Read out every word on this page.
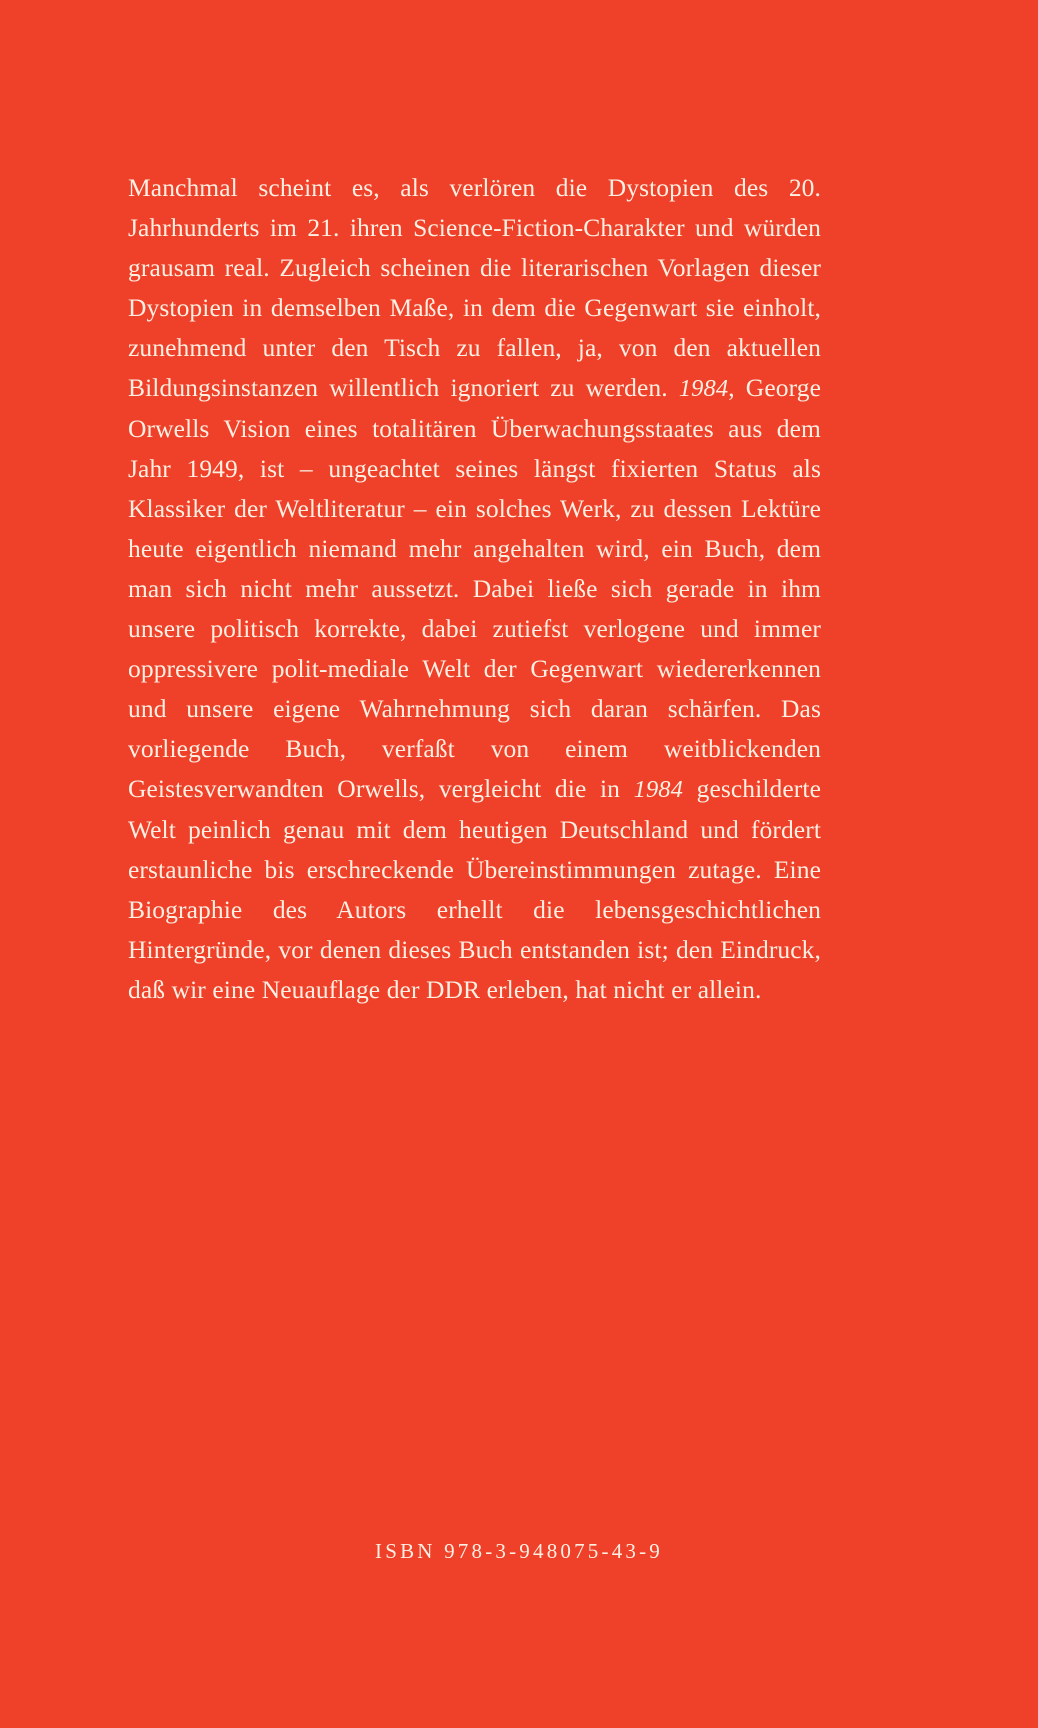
Manchmal scheint es, als verlören die Dystopien des 20. Jahrhunderts im 21. ihren Science-Fiction-Charakter und würden grausam real. Zugleich scheinen die literarischen Vorlagen dieser Dystopien in demselben Maße, in dem die Gegenwart sie einholt, zunehmend unter den Tisch zu fallen, ja, von den aktuellen Bildungsinstanzen willentlich ignoriert zu werden. 1984, George Orwells Vision eines totalitären Überwachungsstaates aus dem Jahr 1949, ist – ungeachtet seines längst fixierten Status als Klassiker der Weltliteratur – ein solches Werk, zu dessen Lektüre heute eigentlich niemand mehr angehalten wird, ein Buch, dem man sich nicht mehr aussetzt. Dabei ließe sich gerade in ihm unsere politisch korrekte, dabei zutiefst verlogene und immer oppressivere polit-mediale Welt der Gegenwart wiedererkennen und unsere eigene Wahrnehmung sich daran schärfen. Das vorliegende Buch, verfaßt von einem weitblickenden Geistesverwandten Orwells, vergleicht die in 1984 geschilderte Welt peinlich genau mit dem heutigen Deutschland und fördert erstaunliche bis erschreckende Übereinstimmungen zutage. Eine Biographie des Autors erhellt die lebensgeschichtlichen Hintergründe, vor denen dieses Buch entstanden ist; den Eindruck, daß wir eine Neuauflage der DDR erleben, hat nicht er allein.

ISBN 978-3-948075-43-9
